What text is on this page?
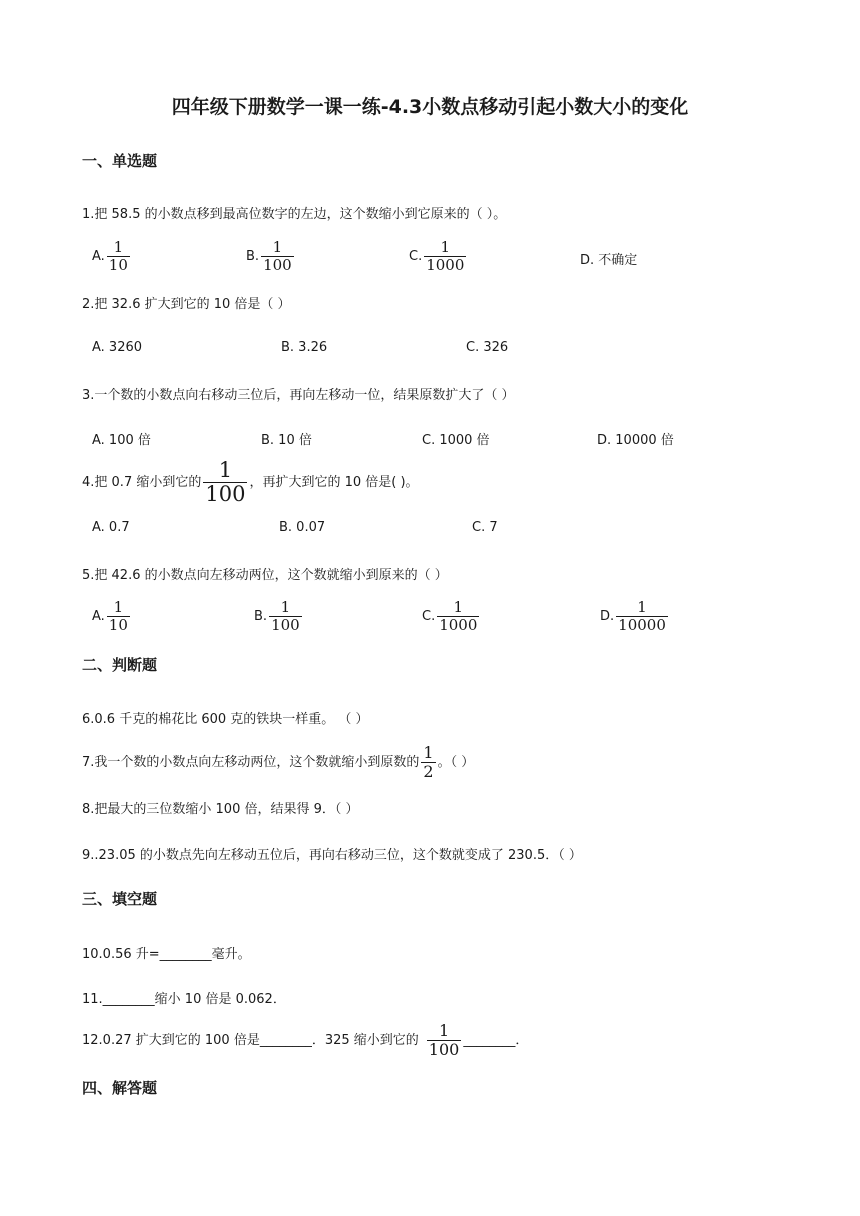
四年级下册数学一课一练-4.3小数点移动引起小数大小的变化
一、单选题
1.把 58.5 的小数点移到最高位数字的左边，这个数缩小到它原来的（ ）。
A. $\frac{1}{10}$	B. $\frac{1}{100}$	C. $\frac{1}{1000}$	D. 不确定
2.把 32.6 扩大到它的 10 倍是（ ）
A. 3260	B. 3.26	C. 326
3.一个数的小数点向右移动三位后，再向左移动一位，结果原数扩大了（ ）
A. 100 倍	B. 10 倍	C. 1000 倍	D. 10000 倍
4.把 0.7 缩小到它的 $\frac{1}{100}$ ，再扩大到它的 10 倍是( )。
A. 0.7	B. 0.07	C. 7
5.把 42.6 的小数点向左移动两位，这个数就缩小到原来的（ ）
A. $\frac{1}{10}$	B. $\frac{1}{100}$	C. $\frac{1}{1000}$	D. $\frac{1}{10000}$
二、判断题
6.0.6 千克的棉花比 600 克的铁块一样重。 （ ）
7.我一个数的小数点向左移动两位，这个数就缩小到原数的 $\frac{1}{2}$ 。（ ）
8.把最大的三位数缩小 100 倍，结果得 9．（ ）
9..23.05 的小数点先向左移动五位后，再向右移动三位，这个数就变成了 230.5．（ ）
三、填空题
10.0.56 升=________毫升。
11.________缩小 10 倍是 0.062．
12.0.27 扩大到它的 100 倍是________．325 缩小到它的 $\frac{1}{100}$ ________．
四、解答题
